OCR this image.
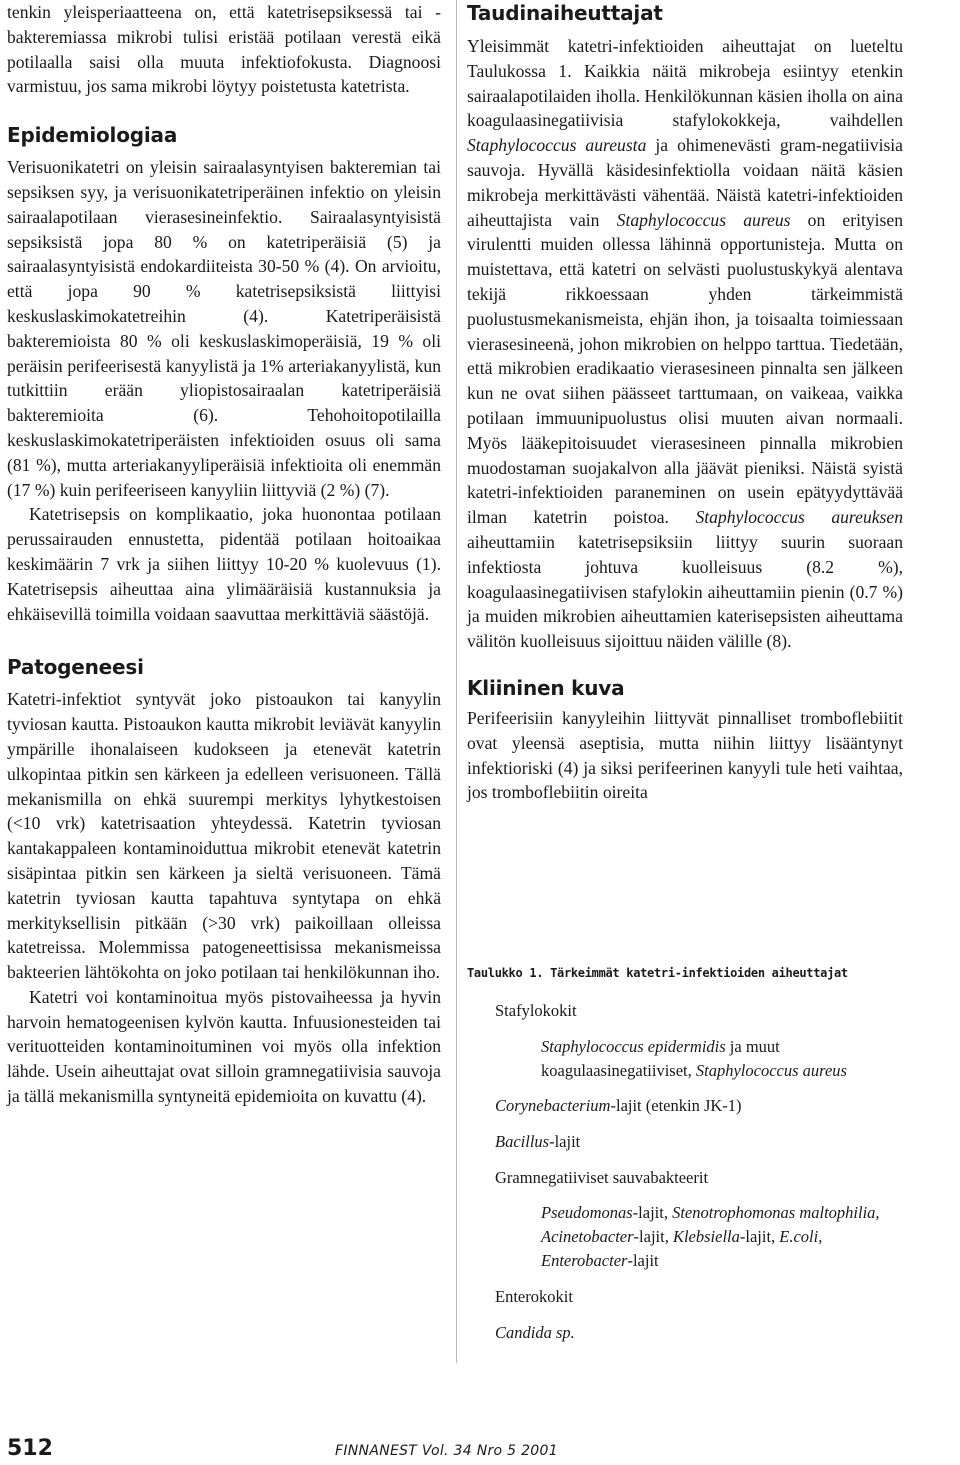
tenkin yleisperiaatteena on, että katetrisepsiksessä tai -bakteremiassa mikrobi tulisi eristää potilaan verestä eikä potilaalla saisi olla muuta infektiofokusta. Diagnoosi varmistuu, jos sama mikrobi löytyy poistetusta katetrista.

Epidemiologiaa

Verisuonikatetri on yleisin sairaalasyntyisen bakteremian tai sepsiksen syy, ja verisuonikatetriperäinen infektio on yleisin sairaalapotilaan vierasesineinfektio. Sairaalasyntyisistä sepsiksistä jopa 80 % on katetriperäisiä (5) ja sairaalasyntyisistä endokardiiteista 30-50 % (4). On arvioitu, että jopa 90 % katetrisepsiksistä liittyisi keskuslaskimokatetreihin (4). Katetriperäisistä bakteremioista 80 % oli keskuslaskimoperäisiä, 19 % oli peräisin perifeerisestä kanyylistä ja 1% arteriakanyylistä, kun tutkittiin erään yliopistosairaalan katetriperäisiä bakteremioita (6). Tehohoitopotilailla keskuslaskimokatetriperäisten infektioiden osuus oli sama (81 %), mutta arteriakanyyliperäisiä infektioita oli enemmän (17 %) kuin perifeeriseen kanyyliin liittyviä (2 %) (7).

Katetrisepsis on komplikaatio, joka huonontaa potilaan perussairauden ennustetta, pidentää potilaan hoitoaikaa keskimäärin 7 vrk ja siihen liittyy 10-20 % kuolevuus (1). Katetrisepsis aiheuttaa aina ylimääräisiä kustannuksia ja ehkäisevillä toimilla voidaan saavuttaa merkittäviä säästöjä.

Patogeneesi

Katetri-infektiot syntyvät joko pistoaukon tai kanyylin tyviosan kautta. Pistoaukon kautta mikrobit leviävät kanyylin ympärille ihonalaiseen kudokseen ja etenevät katetrin ulkopintaa pitkin sen kärkeen ja edelleen verisuoneen. Tällä mekanismilla on ehkä suurempi merkitys lyhytkestoisen (<10 vrk) katetrisaation yhteydessä. Katetrin tyviosan kantakappaleen kontaminoiduttua mikrobit etenevät katetrin sisäpintaa pitkin sen kärkeen ja sieltä verisuoneen. Tämä katetrin tyviosan kautta tapahtuva syntytapa on ehkä merkityksellisin pitkään (>30 vrk) paikoillaan olleissa katetreissa. Molemmissa patogeneettisissa mekanismeissa bakteerien lähtökohta on joko potilaan tai henkilökunnan iho.

Katetri voi kontaminoitua myös pistovaiheessa ja hyvin harvoin hematogeenisen kylvön kautta. Infuusionesteiden tai verituotteiden kontaminoituminen voi myös olla infektion lähde. Usein aiheuttajat ovat silloin gramnegatiivisia sauvoja ja tällä mekanismilla syntyneitä epidemioita on kuvattu (4).

Taudinaiheuttajat

Yleisimmät katetri-infektioiden aiheuttajat on lueteltu Taulukossa 1. Kaikkia näitä mikrobeja esiintyy etenkin sairaalapotilaiden iholla. Henkilökunnan käsien iholla on aina koagulaasinegatiivisia stafylokokkeja, vaihdellen Staphylococcus aureusta ja ohimenevästi gram-negatiivisia sauvoja. Hyvällä käsidesinfektiolla voidaan näitä käsien mikrobeja merkittävästi vähentää. Näistä katetri-infektioiden aiheuttajista vain Staphylococcus aureus on erityisen virulentti muiden ollessa lähinnä opportunisteja. Mutta on muistettava, että katetri on selvästi puolustuskykyä alentava tekijä rikkoessaan yhden tärkeimmistä puolustusmekanismeista, ehjän ihon, ja toisaalta toimiessaan vierasesineenä, johon mikrobien on helppo tarttua. Tiedetään, että mikrobien eradikaatio vierasesineen pinnalta sen jälkeen kun ne ovat siihen päässeet tarttumaan, on vaikeaa, vaikka potilaan immuunipuolustus olisi muuten aivan normaali. Myös lääkepitoisuudet vierasesineen pinnalla mikrobien muodostaman suojakalvon alla jäävät pieniksi. Näistä syistä katetri-infektioiden paraneminen on usein epätyydyttävää ilman katetrin poistoa. Staphylococcus aureuksen aiheuttamiin katetrisepsiksiin liittyy suurin suoraan infektiosta johtuva kuolleisuus (8.2 %), koagulaasinegatiivisen stafylokin aiheuttamiin pienin (0.7 %) ja muiden mikrobien aiheuttamien katerisepsisten aiheuttama välitön kuolleisuus sijoittuu näiden välille (8).

Kliininen kuva

Perifeerisiin kanyyleihin liittyvät pinnalliset tromboflebiitit ovat yleensä aseptisia, mutta niihin liittyy lisääntynyt infektioriski (4) ja siksi perifeerinen kanyyli tule heti vaihtaa, jos tromboflebiitin oireita

Taulukko 1. Tärkeimmät katetri-infektioiden aiheuttajat

Stafylokokit

Staphylococcus epidermidis ja muut

koagulaasinegatiiviset, Staphylococcus aureus

Corynebacterium-lajit (etenkin JK-1)

Bacillus-lajit

Gramnegatiiviset sauvabakteerit

Pseudomonas-lajit, Stenotrophomonas maltophilia,

Acinetobacter-lajit, Klebsiella-lajit, E.coli,

Enterobacter-lajit

Enterokokit

Candida sp.

512	FINNANEST Vol. 34 Nro 5 2001
